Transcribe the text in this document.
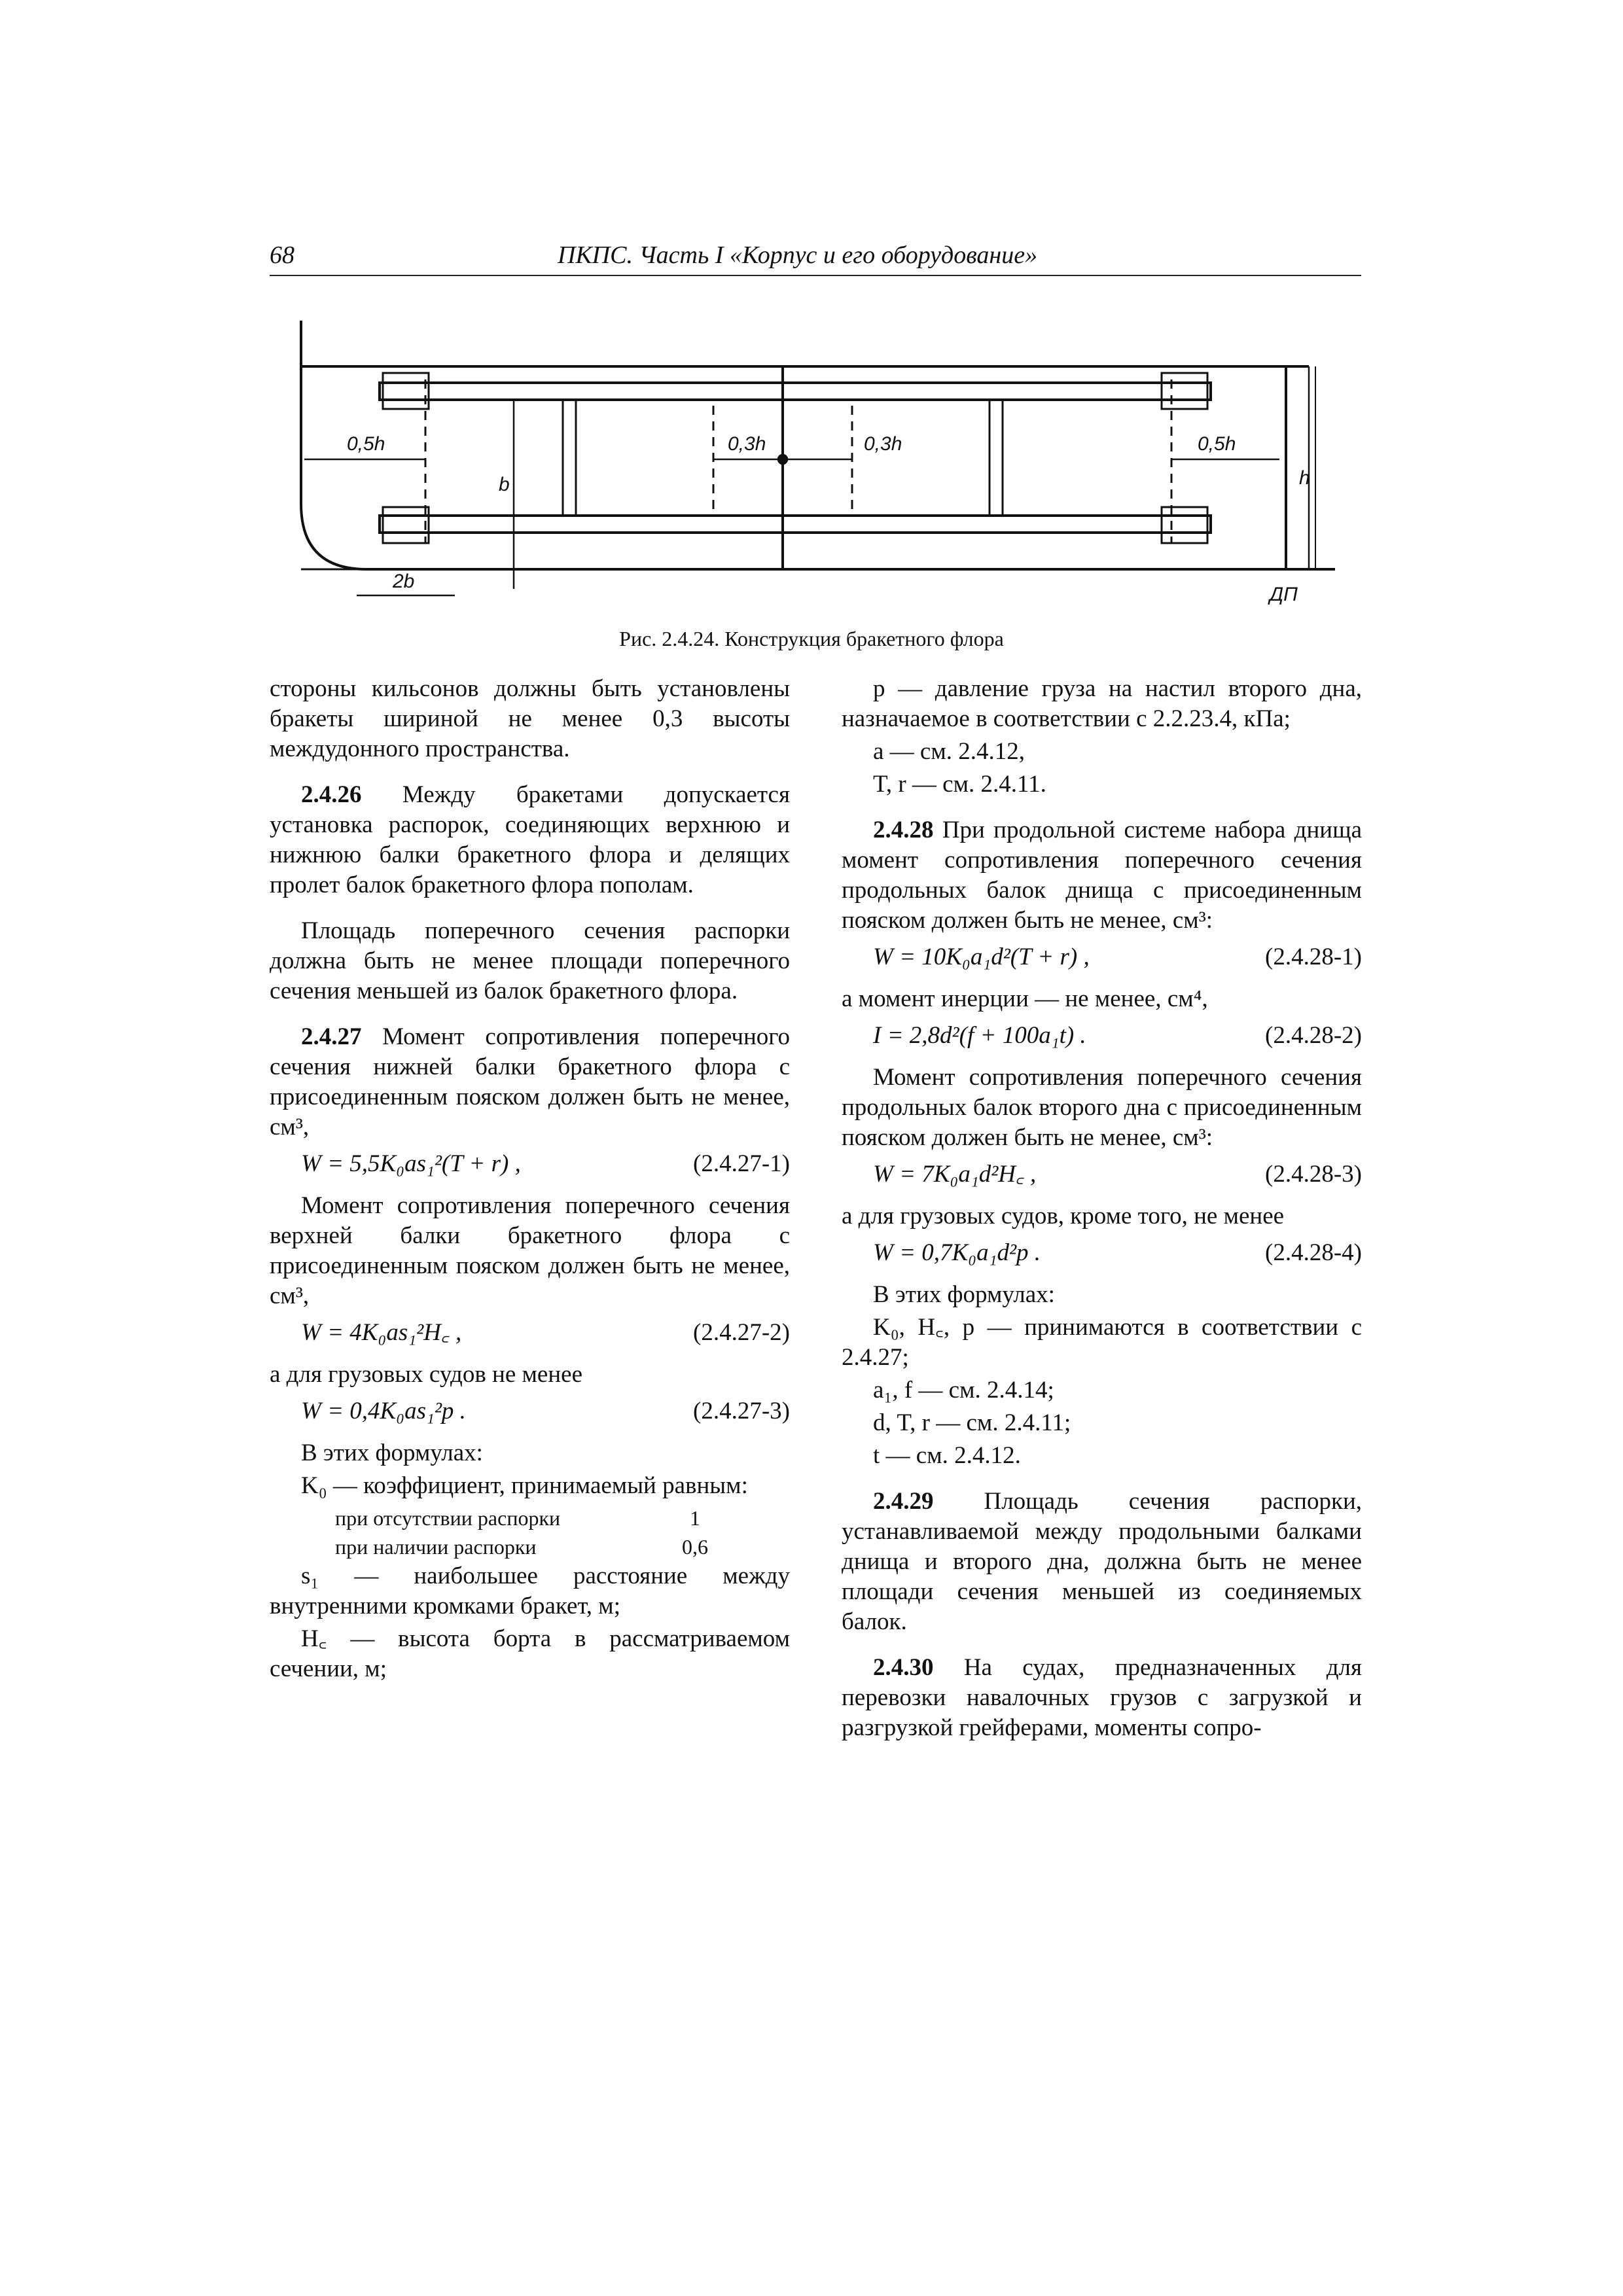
68	ПКПС. Часть I «Корпус и его оборудование»
0,5h	0,3h	0,3h	0,5h
b	h
2b
ДП
Рис. 2.4.24. Конструкция бракетного флора

стороны кильсонов должны быть установлены бракеты шириной не менее 0,3 высоты междудонного пространства.

2.4.26 Между бракетами допускается установка распорок, соединяющих верхнюю и нижнюю балки бракетного флора и делящих пролет балок бракетного флора пополам.

Площадь поперечного сечения распорки должна быть не менее площади поперечного сечения меньшей из балок бракетного флора.

2.4.27 Момент сопротивления поперечного сечения нижней балки бракетного флора с присоединенным пояском должен быть не менее, см³,

W = 5,5K₀as₁²(T + r) ,	(2.4.27-1)

Момент сопротивления поперечного сечения верхней балки бракетного флора с присоединенным пояском должен быть не менее, см³,

W = 4K₀as₁²H꜀ ,	(2.4.27-2)

а для грузовых судов не менее

W = 0,4K₀as₁²p .	(2.4.27-3)

В этих формулах:

K₀ — коэффициент, принимаемый равным:

при отсутствии распорки	1
при наличии распорки	0,6

s₁ — наибольшее расстояние между внутренними кромками бракет, м;

H꜀ — высота борта в рассматриваемом сечении, м;

p — давление груза на настил второго дна, назначаемое в соответствии с 2.2.23.4, кПа;

a — см. 2.4.12,

T, r — см. 2.4.11.

2.4.28 При продольной системе набора днища момент сопротивления поперечного сечения продольных балок днища с присоединенным пояском должен быть не менее, см³:

W = 10K₀a₁d²(T + r) ,	(2.4.28-1)

а момент инерции — не менее, см⁴,

I = 2,8d²(f + 100a₁t) .	(2.4.28-2)

Момент сопротивления поперечного сечения продольных балок второго дна с присоединенным пояском должен быть не менее, см³:

W = 7K₀a₁d²H꜀ ,	(2.4.28-3)

а для грузовых судов, кроме того, не менее

W = 0,7K₀a₁d²p .	(2.4.28-4)

В этих формулах:

K₀, H꜀, p — принимаются в соответствии с 2.4.27;

a₁, f — см. 2.4.14;

d, T, r — см. 2.4.11;

t — см. 2.4.12.

2.4.29 Площадь сечения распорки, устанавливаемой между продольными балками днища и второго дна, должна быть не менее площади сечения меньшей из соединяемых балок.

2.4.30 На судах, предназначенных для перевозки навалочных грузов с загрузкой и разгрузкой грейферами, моменты сопро-
